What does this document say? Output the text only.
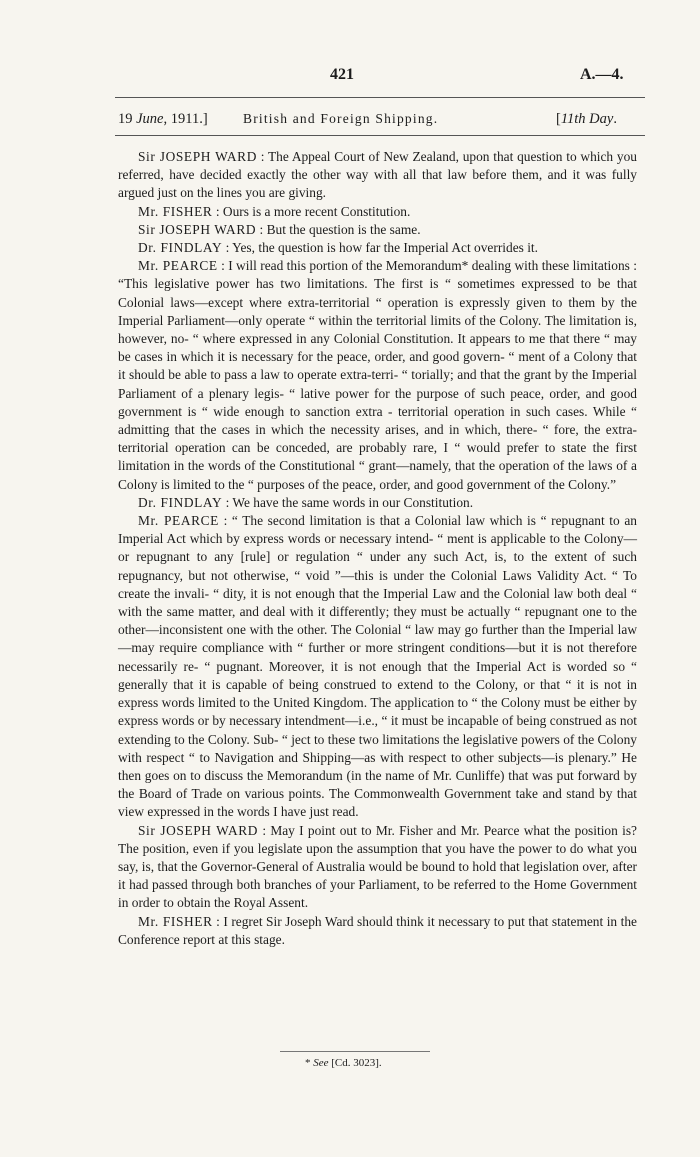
421	A.—4.
19 June, 1911.]	British and Foreign Shipping.	[11th Day.

Sir JOSEPH WARD : The Appeal Court of New Zealand, upon that question to which you referred, have decided exactly the other way with all that law before them, and it was fully argued just on the lines you are giving.

Mr. FISHER : Ours is a more recent Constitution.

Sir JOSEPH WARD : But the question is the same.

Dr. FINDLAY : Yes, the question is how far the Imperial Act overrides it.

Mr. PEARCE : I will read this portion of the Memorandum* dealing with these limitations : “This legislative power has two limitations. The first is “ sometimes expressed to be that Colonial laws—except where extra-territorial “ operation is expressly given to them by the Imperial Parliament—only operate “ within the territorial limits of the Colony. The limitation is, however, no- “ where expressed in any Colonial Constitution. It appears to me that there “ may be cases in which it is necessary for the peace, order, and good govern- “ ment of a Colony that it should be able to pass a law to operate extra-terri- “ torially; and that the grant by the Imperial Parliament of a plenary legis- “ lative power for the purpose of such peace, order, and good government is “ wide enough to sanction extra - territorial operation in such cases. While “ admitting that the cases in which the necessity arises, and in which, there- “ fore, the extra-territorial operation can be conceded, are probably rare, I “ would prefer to state the first limitation in the words of the Constitutional “ grant—namely, that the operation of the laws of a Colony is limited to the “ purposes of the peace, order, and good government of the Colony.”

Dr. FINDLAY : We have the same words in our Constitution.

Mr. PEARCE : “ The second limitation is that a Colonial law which is “ repugnant to an Imperial Act which by express words or necessary intend- “ ment is applicable to the Colony—or repugnant to any [rule] or regulation “ under any such Act, is, to the extent of such repugnancy, but not otherwise, “ void ”—this is under the Colonial Laws Validity Act. “ To create the invali- “ dity, it is not enough that the Imperial Law and the Colonial law both deal “ with the same matter, and deal with it differently; they must be actually “ repugnant one to the other—inconsistent one with the other. The Colonial “ law may go further than the Imperial law—may require compliance with “ further or more stringent conditions—but it is not therefore necessarily re- “ pugnant. Moreover, it is not enough that the Imperial Act is worded so “ generally that it is capable of being construed to extend to the Colony, or that “ it is not in express words limited to the United Kingdom. The application to “ the Colony must be either by express words or by necessary intendment—i.e., “ it must be incapable of being construed as not extending to the Colony. Sub- “ ject to these two limitations the legislative powers of the Colony with respect “ to Navigation and Shipping—as with respect to other subjects—is plenary.” He then goes on to discuss the Memorandum (in the name of Mr. Cunliffe) that was put forward by the Board of Trade on various points. The Commonwealth Government take and stand by that view expressed in the words I have just read.

Sir JOSEPH WARD : May I point out to Mr. Fisher and Mr. Pearce what the position is? The position, even if you legislate upon the assumption that you have the power to do what you say, is, that the Governor-General of Australia would be bound to hold that legislation over, after it had passed through both branches of your Parliament, to be referred to the Home Government in order to obtain the Royal Assent.

Mr. FISHER : I regret Sir Joseph Ward should think it necessary to put that statement in the Conference report at this stage.

* See [Cd. 3023].
